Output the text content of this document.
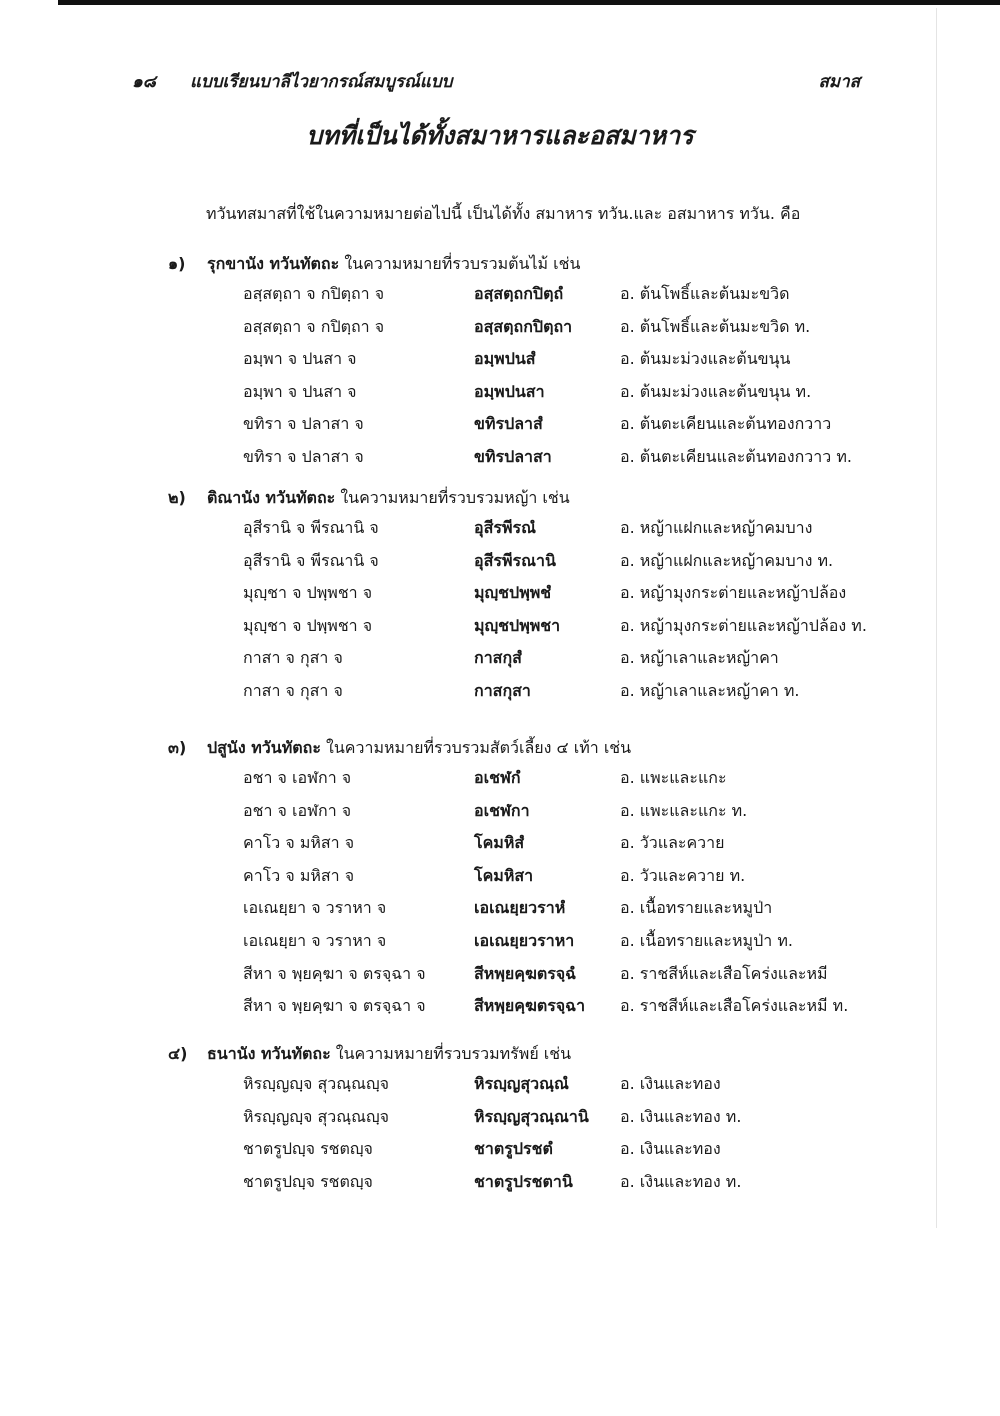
๑๘ แบบเรียนบาลีไวยากรณ์สมบูรณ์แบบ	สมาส
บทที่เป็นได้ทั้งสมาหารและอสมาหาร
ทวันทสมาสที่ใช้ในความหมายต่อไปนี้ เป็นได้ทั้ง สมาหาร ทวัน.และ อสมาหาร ทวัน. คือ
๑) รุกขานัง ทวันทัตถะ ในความหมายที่รวบรวมต้นไม้ เช่น
อสฺสตฺถา จ กปิตฺถา จ	อสฺสตฺถกปิตฺถํ	อ. ต้นโพธิ์และต้นมะขวิด
อสฺสตฺถา จ กปิตฺถา จ	อสฺสตฺถกปิตฺถา	อ. ต้นโพธิ์และต้นมะขวิด ท.
อมฺพา จ ปนสา จ	อมฺพปนสํ	อ. ต้นมะม่วงและต้นขนุน
อมฺพา จ ปนสา จ	อมฺพปนสา	อ. ต้นมะม่วงและต้นขนุน ท.
ขทิรา จ ปลาสา จ	ขทิรปลาสํ	อ. ต้นตะเคียนและต้นทองกวาว
ขทิรา จ ปลาสา จ	ขทิรปลาสา	อ. ต้นตะเคียนและต้นทองกวาว ท.
๒) ติณานัง ทวันทัตถะ ในความหมายที่รวบรวมหญ้า เช่น
อุสีรานิ จ พีรณานิ จ	อุสีรพีรณํ	อ. หญ้าแฝกและหญ้าคมบาง
อุสีรานิ จ พีรณานิ จ	อุสีรพีรณานิ	อ. หญ้าแฝกและหญ้าคมบาง ท.
มุญฺชา จ ปพฺพชา จ	มุญฺชปพฺพชํ	อ. หญ้ามุงกระต่ายและหญ้าปล้อง
มุญฺชา จ ปพฺพชา จ	มุญฺชปพฺพชา	อ. หญ้ามุงกระต่ายและหญ้าปล้อง ท.
กาสา จ กุสา จ	กาสกุสํ	อ. หญ้าเลาและหญ้าคา
กาสา จ กุสา จ	กาสกุสา	อ. หญ้าเลาและหญ้าคา ท.
๓) ปสูนัง ทวันทัตถะ ในความหมายที่รวบรวมสัตว์เลี้ยง ๔ เท้า เช่น
อชา จ เอฬกา จ	อเชฬกํ	อ. แพะและแกะ
อชา จ เอฬกา จ	อเชฬกา	อ. แพะและแกะ ท.
คาโว จ มหิสา จ	โคมหิสํ	อ. วัวและควาย
คาโว จ มหิสา จ	โคมหิสา	อ. วัวและควาย ท.
เอเณยฺยา จ วราหา จ	เอเณยฺยวราหํ	อ. เนื้อทรายและหมูป่า
เอเณยฺยา จ วราหา จ	เอเณยฺยวราหา	อ. เนื้อทรายและหมูป่า ท.
สีหา จ พฺยคฺฆา จ ตรจฺฉา จ	สีหพฺยคฺฆตรจฺฉํ	อ. ราชสีห์และเสือโคร่งและหมี
สีหา จ พฺยคฺฆา จ ตรจฺฉา จ	สีหพฺยคฺฆตรจฺฉา อ. ราชสีห์และเสือโคร่งและหมี ท.
๔) ธนานัง ทวันทัตถะ ในความหมายที่รวบรวมทรัพย์ เช่น
หิรญฺญญฺจ สุวณฺณญฺจ	หิรญฺญสุวณฺณํ	อ. เงินและทอง
หิรญฺญญฺจ สุวณฺณญฺจ	หิรญฺญสุวณฺณานิ อ. เงินและทอง ท.
ชาตรูปญฺจ รชตญฺจ	ชาตรูปรชตํ	อ. เงินและทอง
ชาตรูปญฺจ รชตญฺจ	ชาตรูปรชตานิ	อ. เงินและทอง ท.
